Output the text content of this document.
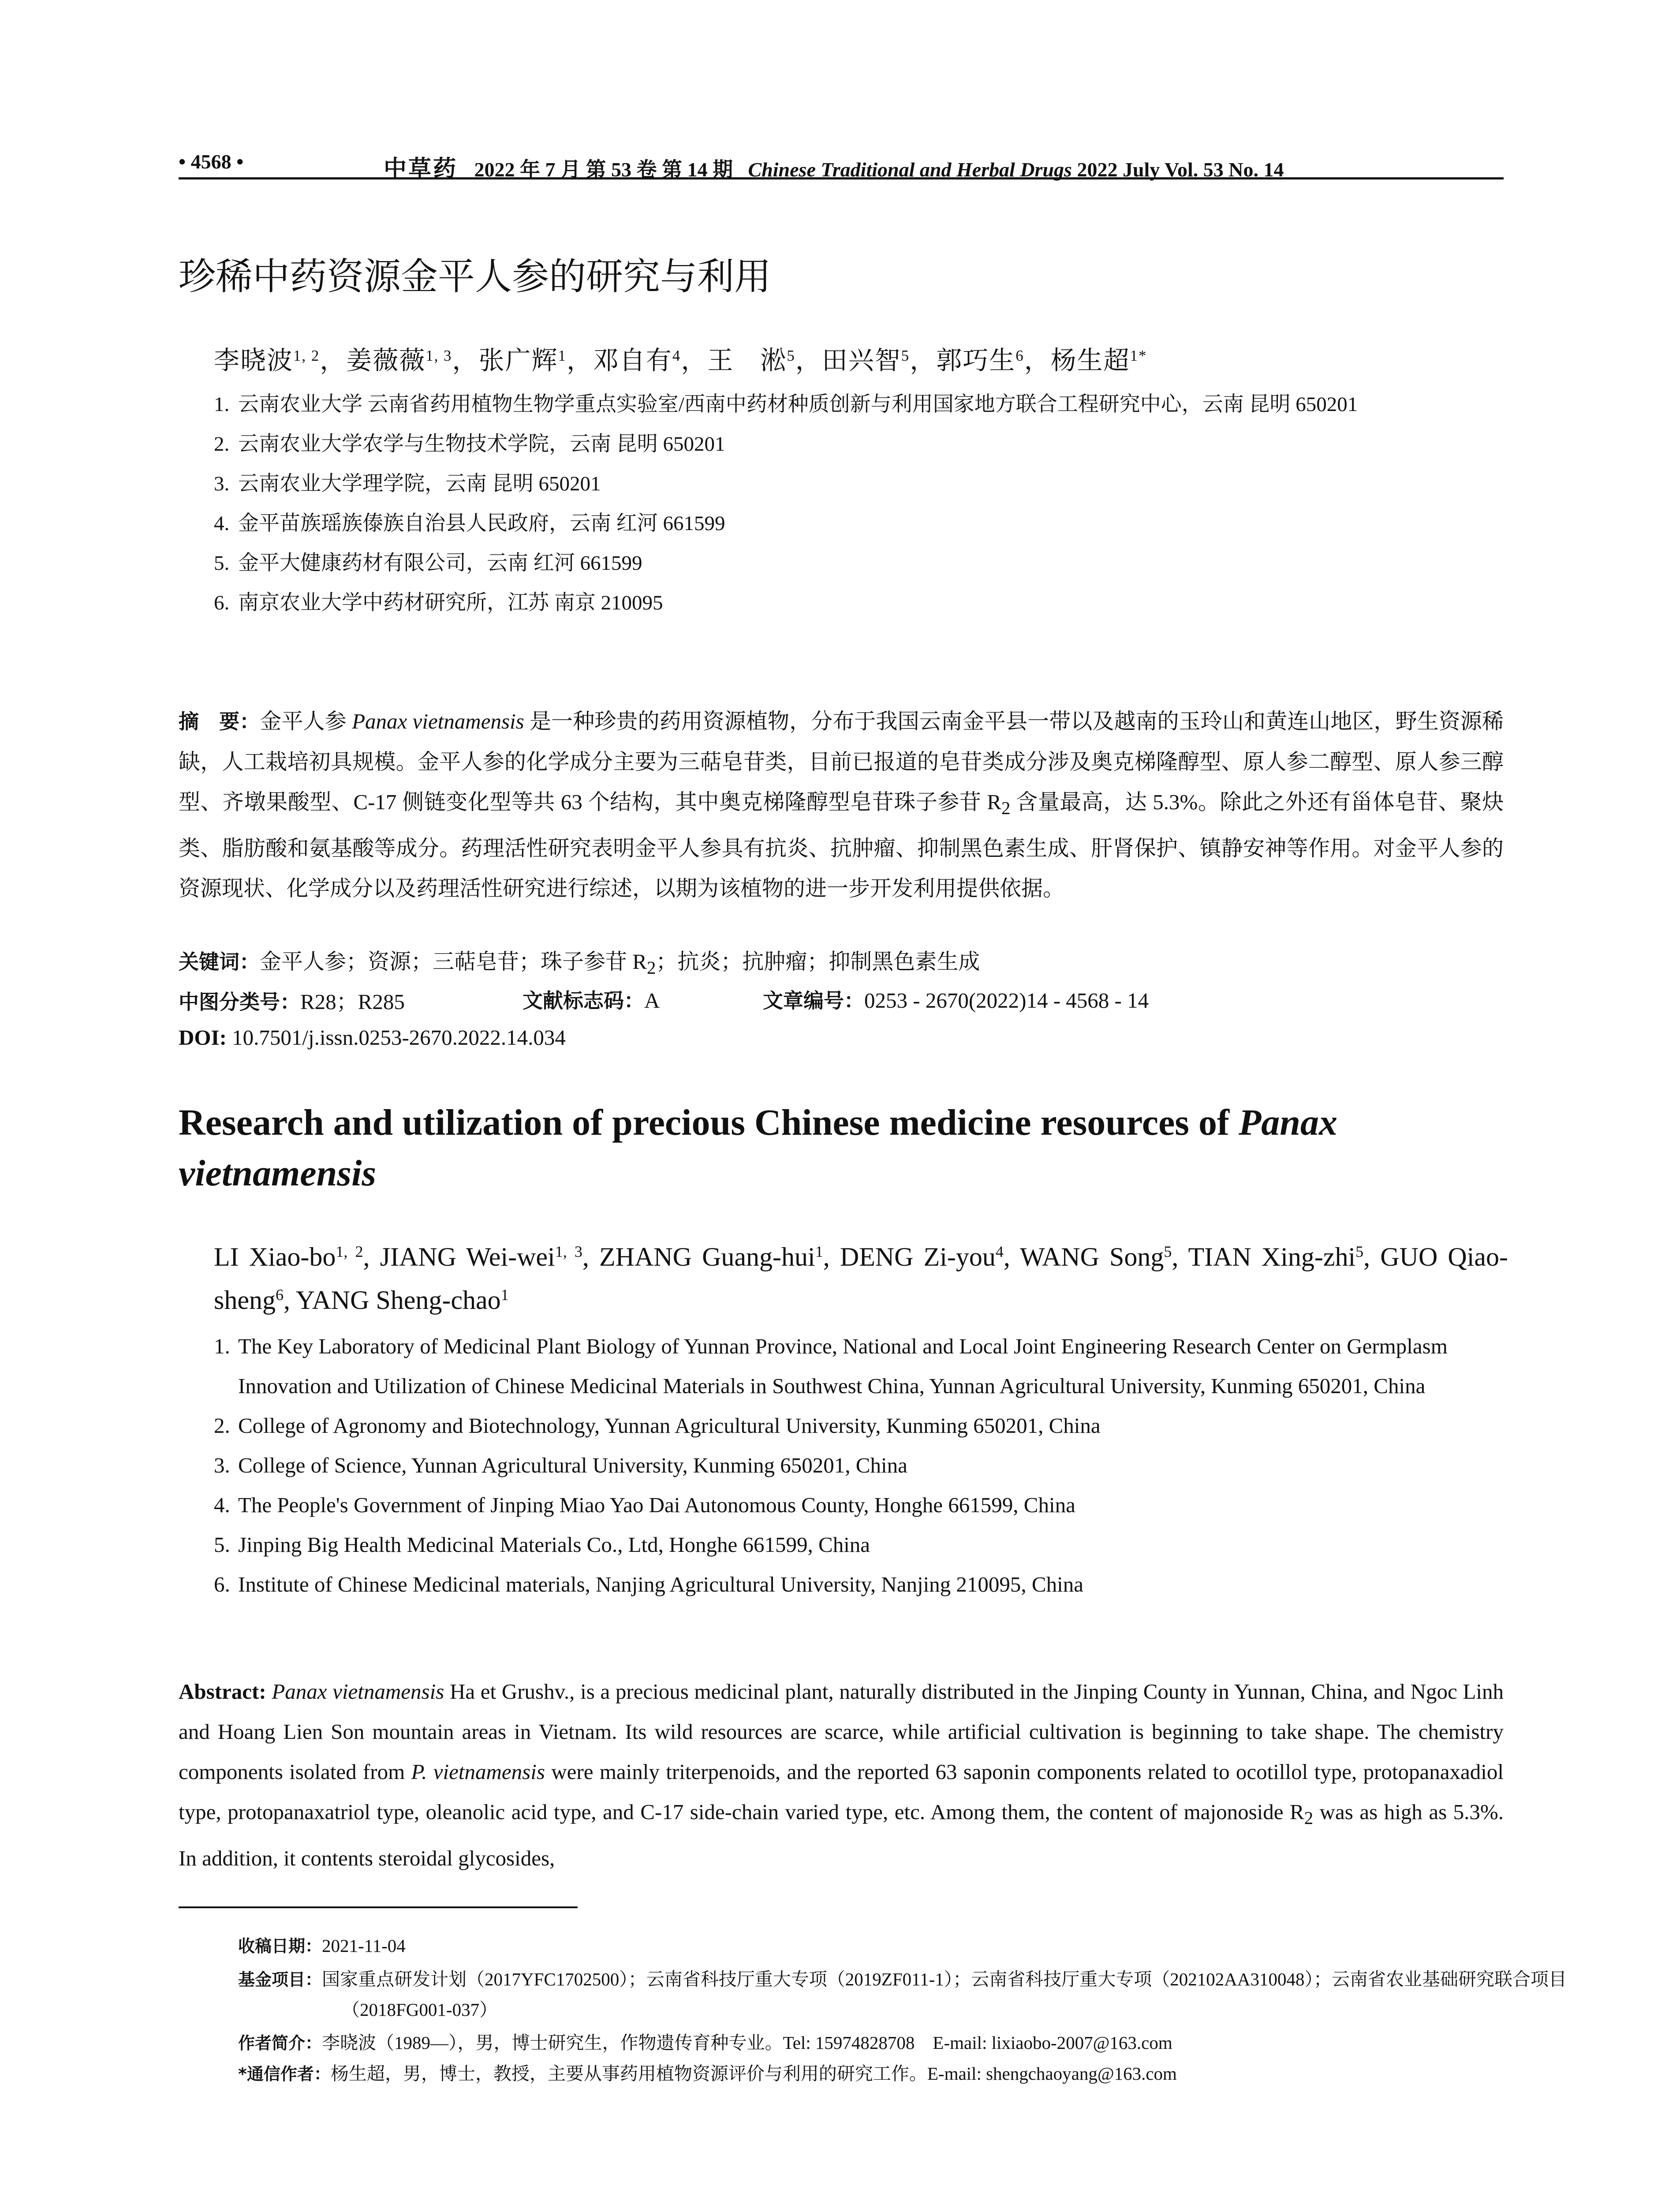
• 4568 •	中草药 2022 年 7 月 第 53 卷 第 14 期 Chinese Traditional and Herbal Drugs 2022 July Vol. 53 No. 14
珍稀中药资源金平人参的研究与利用
李晓波$^{1, 2}$，姜薇薇$^{1, 3}$，张广辉$^1$，邓自有$^4$，王　淞$^5$，田兴智$^5$，郭巧生$^6$，杨生超$^{1*}$
1. 云南农业大学 云南省药用植物生物学重点实验室/西南中药材种质创新与利用国家地方联合工程研究中心，云南 昆明 650201
2. 云南农业大学农学与生物技术学院，云南 昆明 650201
3. 云南农业大学理学院，云南 昆明 650201
4. 金平苗族瑶族傣族自治县人民政府，云南 红河 661599
5. 金平大健康药材有限公司，云南 红河 661599
6. 南京农业大学中药材研究所，江苏 南京 210095

摘　要：金平人参 Panax vietnamensis 是一种珍贵的药用资源植物，分布于我国云南金平县一带以及越南的玉玲山和黄连山地区，野生资源稀缺，人工栽培初具规模。金平人参的化学成分主要为三萜皂苷类，目前已报道的皂苷类成分涉及奥克梯隆醇型、原人参二醇型、原人参三醇型、齐墩果酸型、C-17 侧链变化型等共 63 个结构，其中奥克梯隆醇型皂苷珠子参苷 $R_2$ 含量最高，达 5.3%。除此之外还有甾体皂苷、聚炔类、脂肪酸和氨基酸等成分。药理活性研究表明金平人参具有抗炎、抗肿瘤、抑制黑色素生成、肝肾保护、镇静安神等作用。对金平人参的资源现状、化学成分以及药理活性研究进行综述，以期为该植物的进一步开发利用提供依据。

关键词：金平人参；资源；三萜皂苷；珠子参苷 $R_2$；抗炎；抗肿瘤；抑制黑色素生成
中图分类号：R28；R285	文献标志码：A	文章编号：0253 - 2670(2022)14 - 4568 - 14
DOI: 10.7501/j.issn.0253-2670.2022.14.034

Research and utilization of precious Chinese medicine resources of Panax vietnamensis

LI Xiao-bo$^{1, 2}$, JIANG Wei-wei$^{1, 3}$, ZHANG Guang-hui$^1$, DENG Zi-you$^4$, WANG Song$^5$, TIAN Xing-zhi$^5$, GUO Qiao-sheng$^6$, YANG Sheng-chao$^1$

1. The Key Laboratory of Medicinal Plant Biology of Yunnan Province, National and Local Joint Engineering Research Center on Germplasm Innovation and Utilization of Chinese Medicinal Materials in Southwest China, Yunnan Agricultural University, Kunming 650201, China
2. College of Agronomy and Biotechnology, Yunnan Agricultural University, Kunming 650201, China
3. College of Science, Yunnan Agricultural University, Kunming 650201, China
4. The People's Government of Jinping Miao Yao Dai Autonomous County, Honghe 661599, China
5. Jinping Big Health Medicinal Materials Co., Ltd, Honghe 661599, China
6. Institute of Chinese Medicinal materials, Nanjing Agricultural University, Nanjing 210095, China

Abstract: Panax vietnamensis Ha et Grushv., is a precious medicinal plant, naturally distributed in the Jinping County in Yunnan, China, and Ngoc Linh and Hoang Lien Son mountain areas in Vietnam. Its wild resources are scarce, while artificial cultivation is beginning to take shape. The chemistry components isolated from P. vietnamensis were mainly triterpenoids, and the reported 63 saponin components related to ocotillol type, protopanaxadiol type, protopanaxatriol type, oleanolic acid type, and C-17 side-chain varied type, etc. Among them, the content of majonoside $R_2$ was as high as 5.3%. In addition, it contents steroidal glycosides,

收稿日期：2021-11-04

基金项目：国家重点研发计划（2017YFC1702500）；云南省科技厅重大专项（2019ZF011-1）；云南省科技厅重大专项（202102AA310048）；云南省农业基础研究联合项目（2018FG001-037）

作者简介：李晓波（1989—），男，博士研究生，作物遗传育种专业。Tel: 15974828708　E-mail: lixiaobo-2007@163.com

*通信作者：杨生超，男，博士，教授，主要从事药用植物资源评价与利用的研究工作。E-mail: shengchaoyang@163.com
